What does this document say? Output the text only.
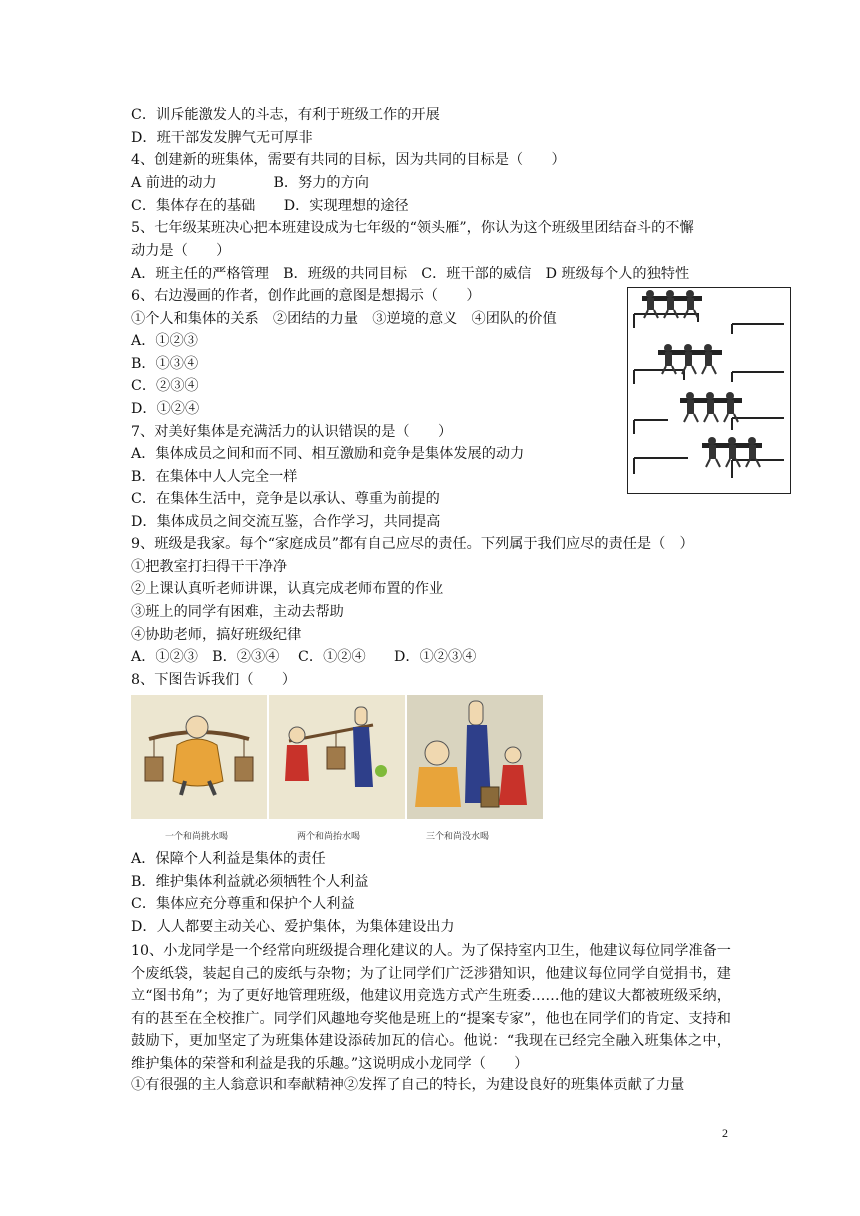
C．训斥能激发人的斗志，有利于班级工作的开展
D．班干部发发脾气无可厚非
4、创建新的班集体，需要有共同的目标，因为共同的目标是（　　）
A 前进的动力　　　　B．努力的方向
C．集体存在的基础　　D．实现理想的途径
5、七年级某班决心把本班建设成为七年级的“领头雁”，你认为这个班级里团结奋斗的不懈
动力是（　　）
A．班主任的严格管理　B．班级的共同目标　C．班干部的威信　D 班级每个人的独特性
6、右边漫画的作者，创作此画的意图是想揭示（　　）
①个人和集体的关系　②团结的力量　③逆境的意义　④团队的价值
A．①②③
B．①③④
C．②③④
D．①②④
7、对美好集体是充满活力的认识错误的是（　　）
A．集体成员之间和而不同、相互激励和竞争是集体发展的动力
B．在集体中人人完全一样
C．在集体生活中，竞争是以承认、尊重为前提的
D．集体成员之间交流互鉴，合作学习，共同提高
9、班级是我家。每个“家庭成员”都有自己应尽的责任。下列属于我们应尽的责任是（　）
①把教室打扫得干干净净
②上课认真听老师讲课，认真完成老师布置的作业
③班上的同学有困难，主动去帮助
④协助老师，搞好班级纪律
A．①②③　B．②③④　 C．①②④　　D．①②③④
8、下图告诉我们（　　）
一个和尚挑水喝	两个和尚抬水喝	三个和尚没水喝
A．保障个人利益是集体的责任
B．维护集体利益就必须牺牲个人利益
C．集体应充分尊重和保护个人利益
D．人人都要主动关心、爱护集体，为集体建设出力
10、小龙同学是一个经常向班级提合理化建议的人。为了保持室内卫生，他建议每位同学准备一个废纸袋，装起自己的废纸与杂物；为了让同学们广泛涉猎知识，他建议每位同学自觉捐书，建立“图书角”；为了更好地管理班级，他建议用竞选方式产生班委……他的建议大都被班级采纳，有的甚至在全校推广。同学们风趣地夸奖他是班上的“提案专家”，他也在同学们的肯定、支持和鼓励下，更加坚定了为班集体建设添砖加瓦的信心。他说：“我现在已经完全融入班集体之中，维护集体的荣誉和利益是我的乐趣。”这说明成小龙同学（　　）
①有很强的主人翁意识和奉献精神②发挥了自己的特长，为建设良好的班集体贡献了力量
2
